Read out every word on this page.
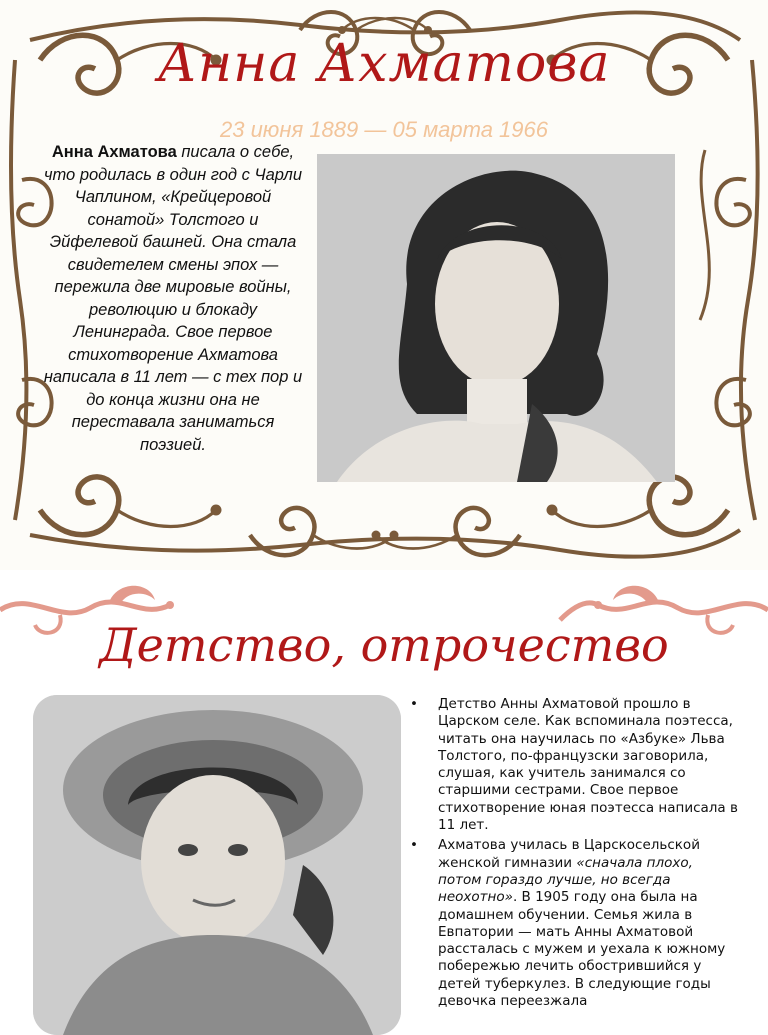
Анна Ахматова
23 июня 1889 — 05 марта 1966
Анна Ахматова писала о себе, что родилась в один год с Чарли Чаплином, «Крейцеровой сонатой» Толстого и Эйфелевой башней. Она стала свидетелем смены эпох — пережила две мировые войны, революцию и блокаду Ленинграда. Свое первое стихотворение Ахматова написала в 11 лет — с тех пор и до конца жизни она не переставала заниматься поэзией.
Детство, отрочество
• Детство Анны Ахматовой прошло в Царском селе. Как вспоминала поэтесса, читать она научилась по «Азбуке» Льва Толстого, по-французски заговорила, слушая, как учитель занимался со старшими сестрами. Свое первое стихотворение юная поэтесса написала в 11 лет.
• Ахматова училась в Царскосельской женской гимназии «сначала плохо, потом гораздо лучше, но всегда неохотно». В 1905 году она была на домашнем обучении. Семья жила в Евпатории — мать Анны Ахматовой рассталась с мужем и уехала к южному побережью лечить обострившийся у детей туберкулез. В следующие годы девочка переезжала
